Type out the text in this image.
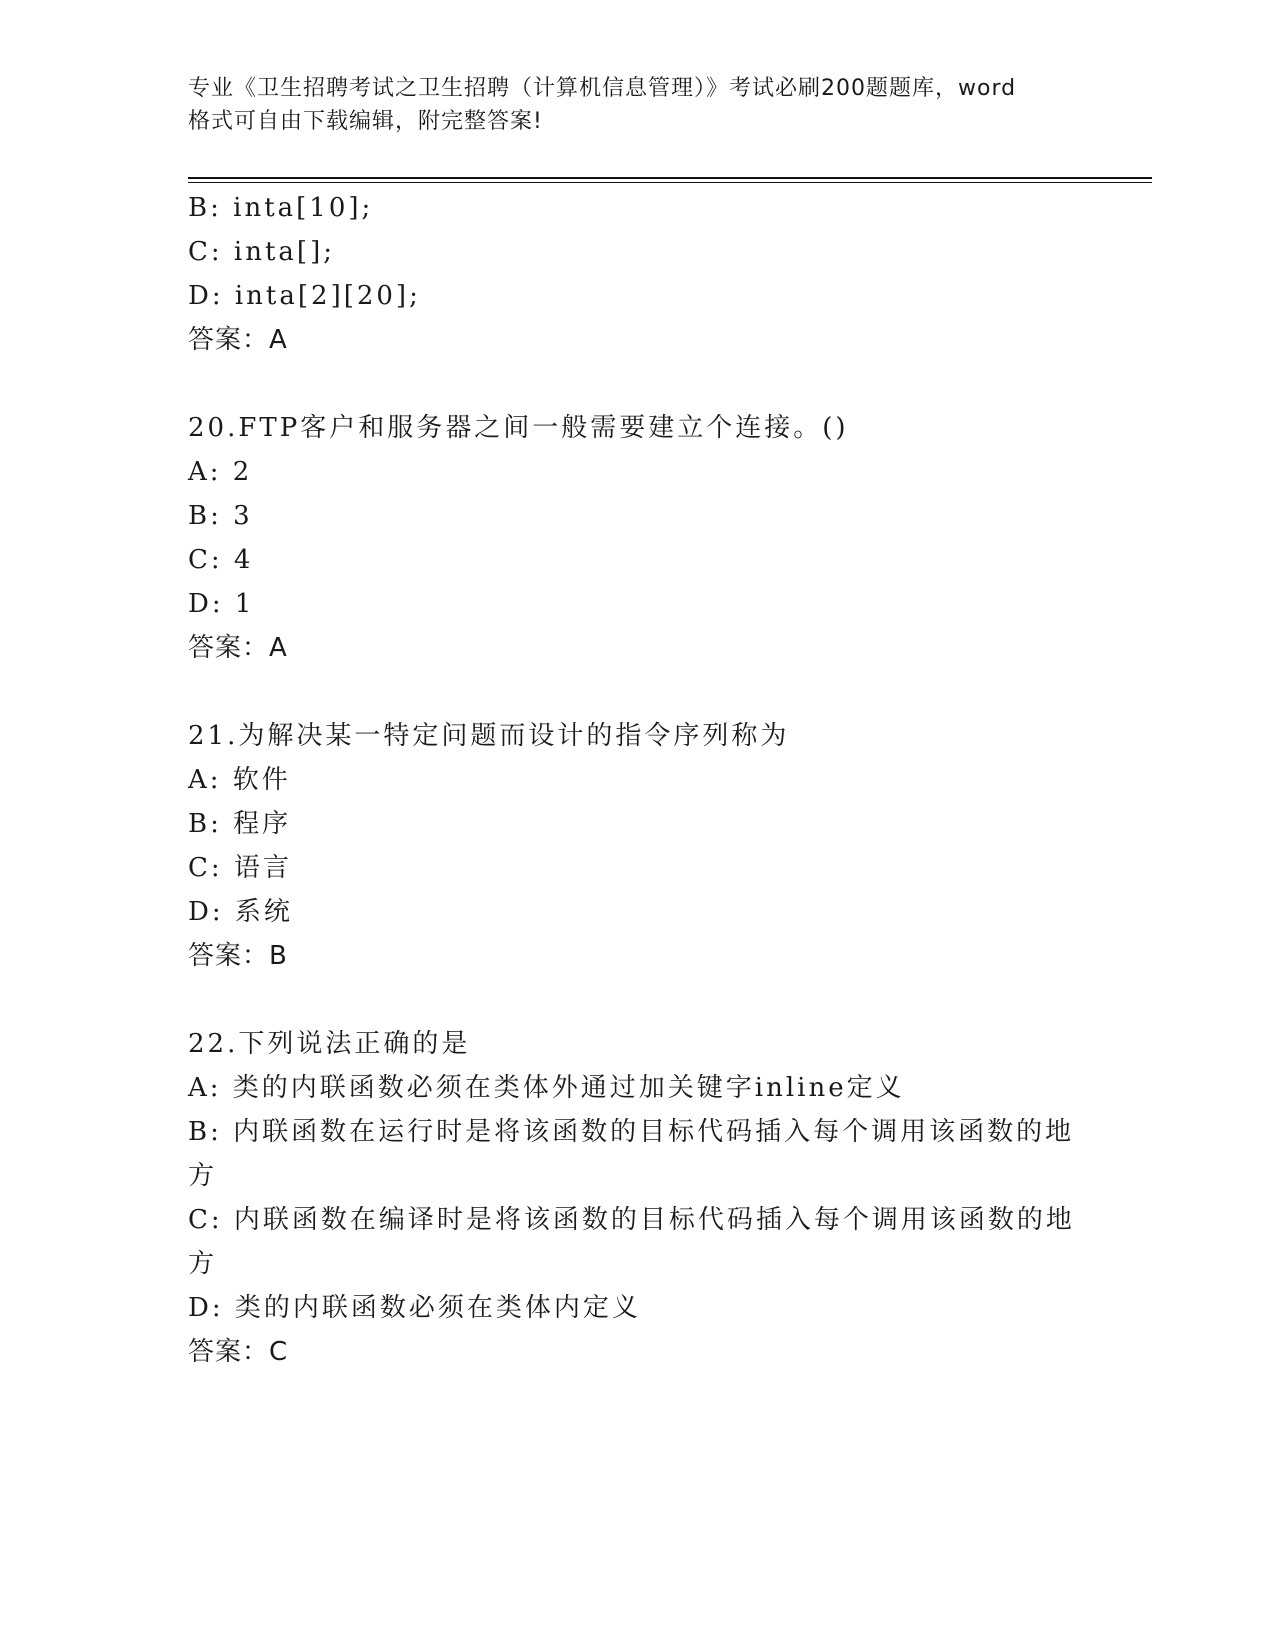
专业《卫生招聘考试之卫生招聘（计算机信息管理）》考试必刷200题题库，word
格式可自由下载编辑，附完整答案!
B: inta[10];
C: inta[];
D: inta[2][20];
答案：A
20.FTP客户和服务器之间一般需要建立个连接。()
A: 2
B: 3
C: 4
D: 1
答案：A
21.为解决某一特定问题而设计的指令序列称为
A: 软件
B: 程序
C: 语言
D: 系统
答案：B
22.下列说法正确的是
A: 类的内联函数必须在类体外通过加关键字inline定义
B: 内联函数在运行时是将该函数的目标代码插入每个调用该函数的地
方
C: 内联函数在编译时是将该函数的目标代码插入每个调用该函数的地
方
D: 类的内联函数必须在类体内定义
答案：C
